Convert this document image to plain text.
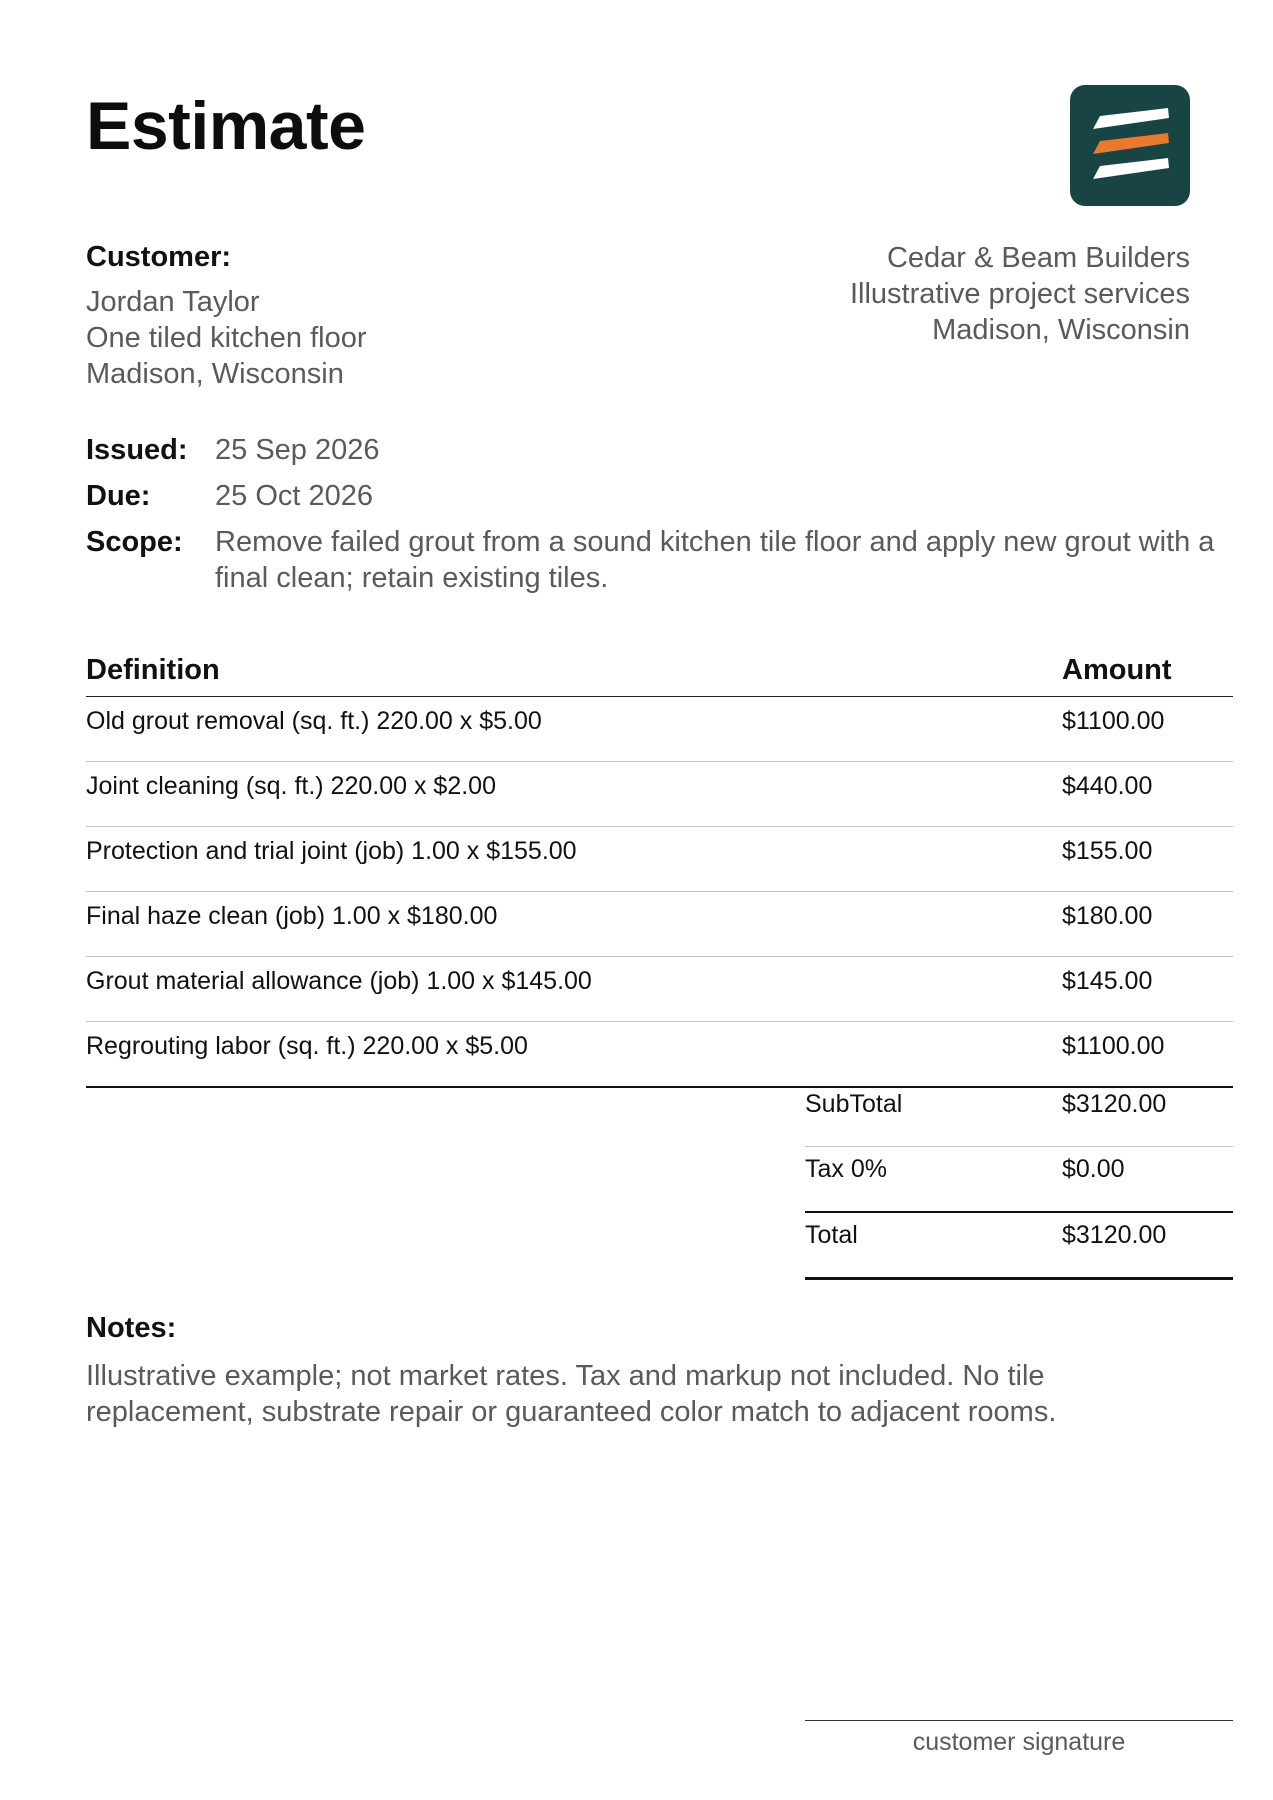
Estimate
Customer:
Jordan Taylor
One tiled kitchen floor
Madison, Wisconsin
Cedar & Beam Builders
Illustrative project services
Madison, Wisconsin
Issued: 25 Sep 2026
Due:	25 Oct 2026
Scope:	Remove failed grout from a sound kitchen tile floor and apply new grout with a final clean; retain existing tiles.
Definition	Amount
Old grout removal (sq. ft.) 220.00 x $5.00	$1100.00
Joint cleaning (sq. ft.) 220.00 x $2.00	$440.00
Protection and trial joint (job) 1.00 x $155.00	$155.00
Final haze clean (job) 1.00 x $180.00	$180.00
Grout material allowance (job) 1.00 x $145.00	$145.00
Regrouting labor (sq. ft.) 220.00 x $5.00	$1100.00
SubTotal	$3120.00
Tax 0%	$0.00
Total	$3120.00
Notes:
Illustrative example; not market rates. Tax and markup not included. No tile replacement, substrate repair or guaranteed color match to adjacent rooms.
customer signature
